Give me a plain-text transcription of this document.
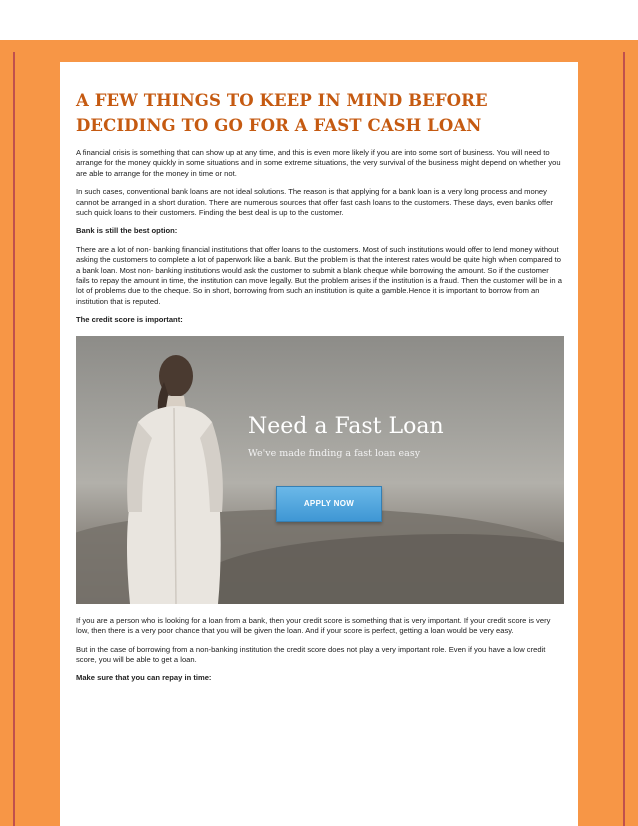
A FEW THINGS TO KEEP IN MIND BEFORE DECIDING TO GO FOR A FAST CASH LOAN

A financial crisis is something that can show up at any time, and this is even more likely if you are into some sort of business. You will need to arrange for the money quickly in some situations and in some extreme situations, the very survival of the business might depend on whether you are able to arrange for the money in time or not.

In such cases, conventional bank loans are not ideal solutions. The reason is that applying for a bank loan is a very long process and money cannot be arranged in a short duration. There are numerous sources that offer fast cash loans to the customers. These days, even banks offer such quick loans to their customers. Finding the best deal is up to the customer.

Bank is still the best option:

There are a lot of non- banking financial institutions that offer loans to the customers. Most of such institutions would offer to lend money without asking the customers to complete a lot of paperwork like a bank. But the problem is that the interest rates would be quite high when compared to a bank loan. Most non- banking institutions would ask the customer to submit a blank cheque while borrowing the amount. So if the customer fails to repay the amount in time, the institution can move legally. But the problem arises if the institution is a fraud. Then the customer will be in a lot of problems due to the cheque. So in short, borrowing from such an institution is quite a gamble.Hence it is important to borrow from an institution that is reputed.

The credit score is important:

Need a Fast Loan
We've made finding a fast loan easy
APPLY NOW

If you are a person who is looking for a loan from a bank, then your credit score is something that is very important. If your credit score is very low, then there is a very poor chance that you will be given the loan. And if your score is perfect, getting a loan would be very easy.

But in the case of borrowing from a non-banking institution the credit score does not play a very important role. Even if you have a low credit score, you will be able to get a loan.

Make sure that you can repay in time:
